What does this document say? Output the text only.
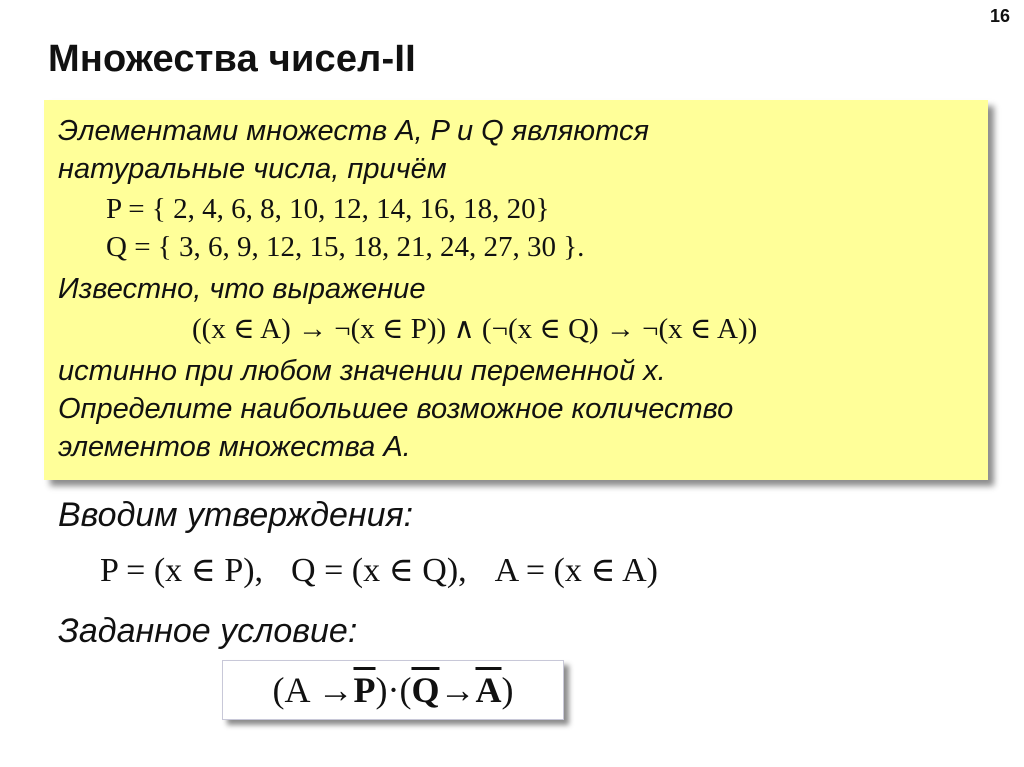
16
Множества чисел-II
Элементами множеств A, P и Q являются
натуральные числа, причём
P = { 2, 4, 6, 8, 10, 12, 14, 16, 18, 20}
Q = { 3, 6, 9, 12, 15, 18, 21, 24, 27, 30 }.
Известно, что выражение
((x ∈ A) → ¬(x ∈ P)) ∧ (¬(x ∈ Q) → ¬(x ∈ A))
истинно при любом значении переменной x.
Определите наибольшее возможное количество
элементов множества A.
Вводим утверждения:
P = (x ∈ P), Q = (x ∈ Q), A = (x ∈ A)
Заданное условие:
($A \to \overline{P}$ )·( $\overline{Q} \to \overline{A}$ )
